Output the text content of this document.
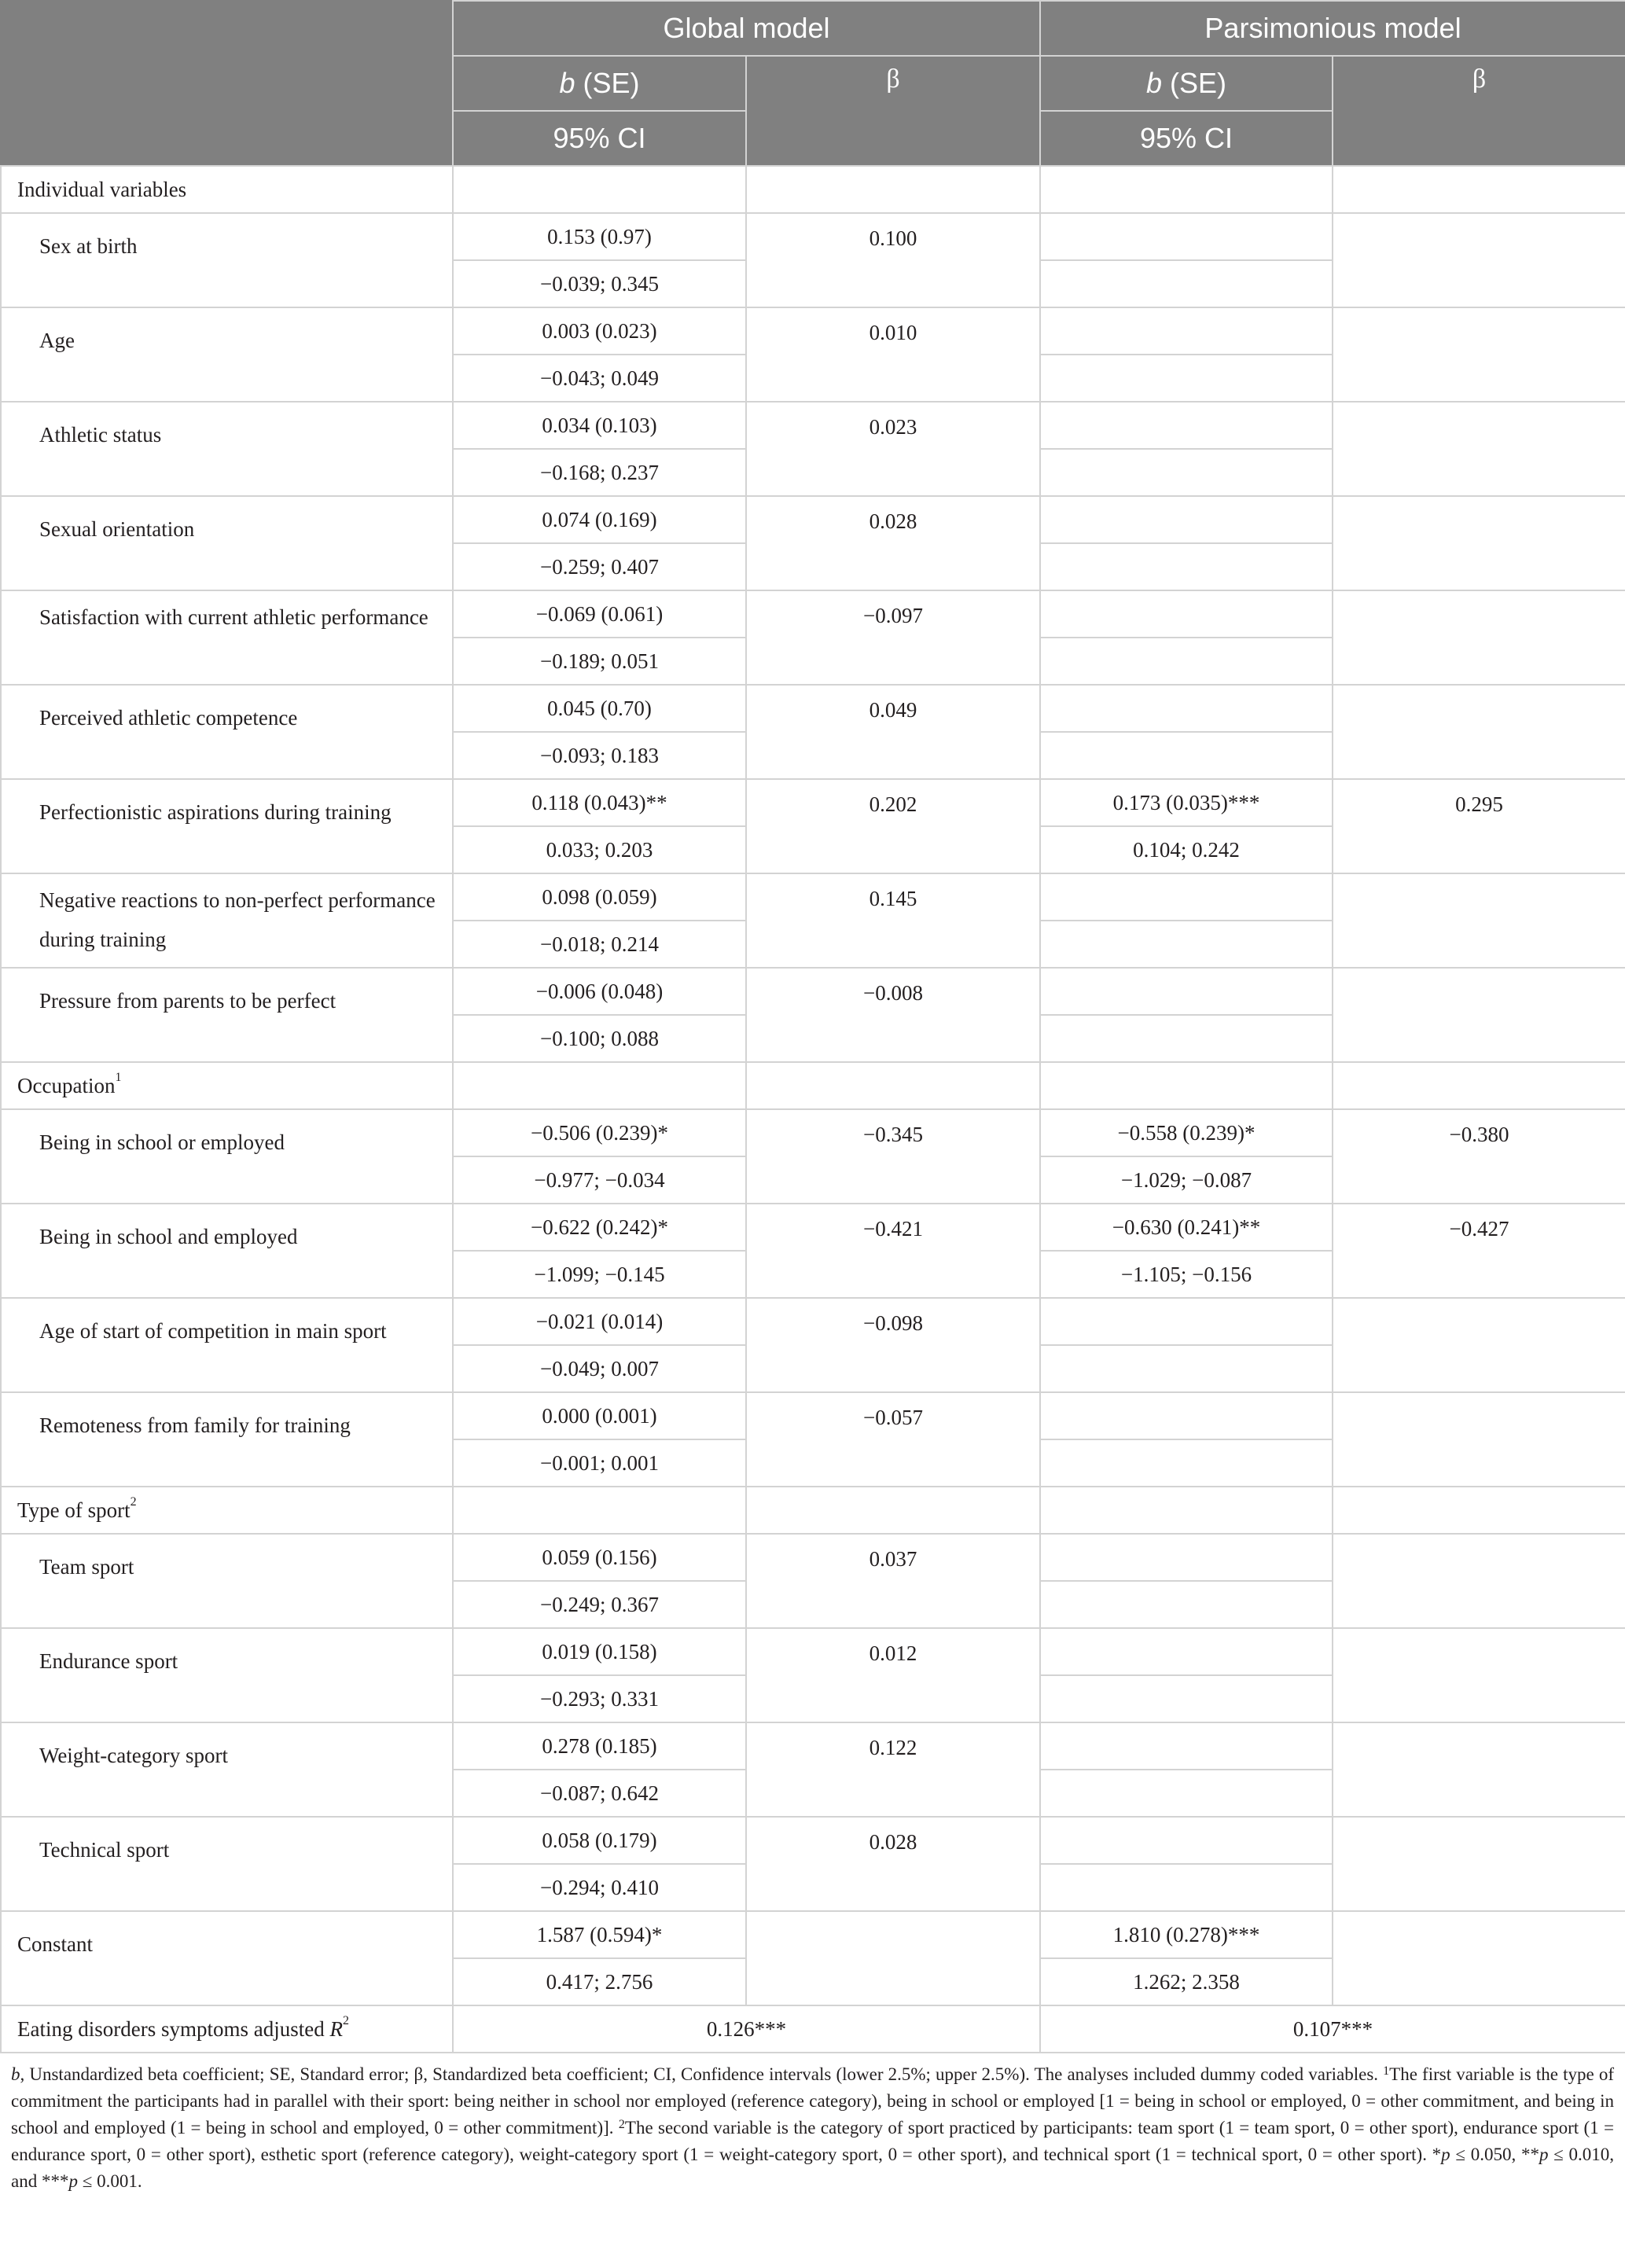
	Global model		Parsimonious model	
	b (SE)	β	b (SE)	β
	95% CI		95% CI	
Individual variables				
Sex at birth	0.153 (0.97)	0.100		
	−0.039; 0.345			
Age	0.003 (0.023)	0.010		
	−0.043; 0.049			
Athletic status	0.034 (0.103)	0.023		
	−0.168; 0.237			
Sexual orientation	0.074 (0.169)	0.028		
	−0.259; 0.407			
Satisfaction with current athletic performance	−0.069 (0.061)	−0.097		
	−0.189; 0.051			
Perceived athletic competence	0.045 (0.70)	0.049		
	−0.093; 0.183			
Perfectionistic aspirations during training	0.118 (0.043)**	0.202	0.173 (0.035)***	0.295
	0.033; 0.203		0.104; 0.242	
Negative reactions to non-perfect performance during training	0.098 (0.059)	0.145		
	−0.018; 0.214			
Pressure from parents to be perfect	−0.006 (0.048)	−0.008		
	−0.100; 0.088			
Occupation$^1$				
Being in school or employed	−0.506 (0.239)*	−0.345	−0.558 (0.239)*	−0.380
	−0.977; −0.034		−1.029; −0.087	
Being in school and employed	−0.622 (0.242)*	−0.421	−0.630 (0.241)**	−0.427
	−1.099; −0.145		−1.105; −0.156	
Age of start of competition in main sport	−0.021 (0.014)	−0.098		
	−0.049; 0.007			
Remoteness from family for training	0.000 (0.001)	−0.057		
	−0.001; 0.001			
Type of sport$^2$				
Team sport	0.059 (0.156)	0.037		
	−0.249; 0.367			
Endurance sport	0.019 (0.158)	0.012		
	−0.293; 0.331			
Weight-category sport	0.278 (0.185)	0.122		
	−0.087; 0.642			
Technical sport	0.058 (0.179)	0.028		
	−0.294; 0.410			
Constant	1.587 (0.594)*		1.810 (0.278)***	
	0.417; 2.756		1.262; 2.358	
Eating disorders symptoms adjusted $R^2$	0.126***		0.107***	
b, Unstandardized beta coefficient; SE, Standard error; β, Standardized beta coefficient; CI, Confidence intervals (lower 2.5%; upper 2.5%). The analyses included dummy coded variables. $^1$The first variable is the type of commitment the participants had in parallel with their sport: being neither in school nor employed (reference category), being in school or employed [1 = being in school or employed, 0 = other commitment, and being in school and employed (1 = being in school and employed, 0 = other commitment)]. $^2$The second variable is the category of sport practiced by participants: team sport (1 = team sport, 0 = other sport), endurance sport (1 = endurance sport, 0 = other sport), esthetic sport (reference category), weight-category sport (1 = weight-category sport, 0 = other sport), and technical sport (1 = technical sport, 0 = other sport). *p ≤ 0.050, **p ≤ 0.010, and ***p ≤ 0.001.
